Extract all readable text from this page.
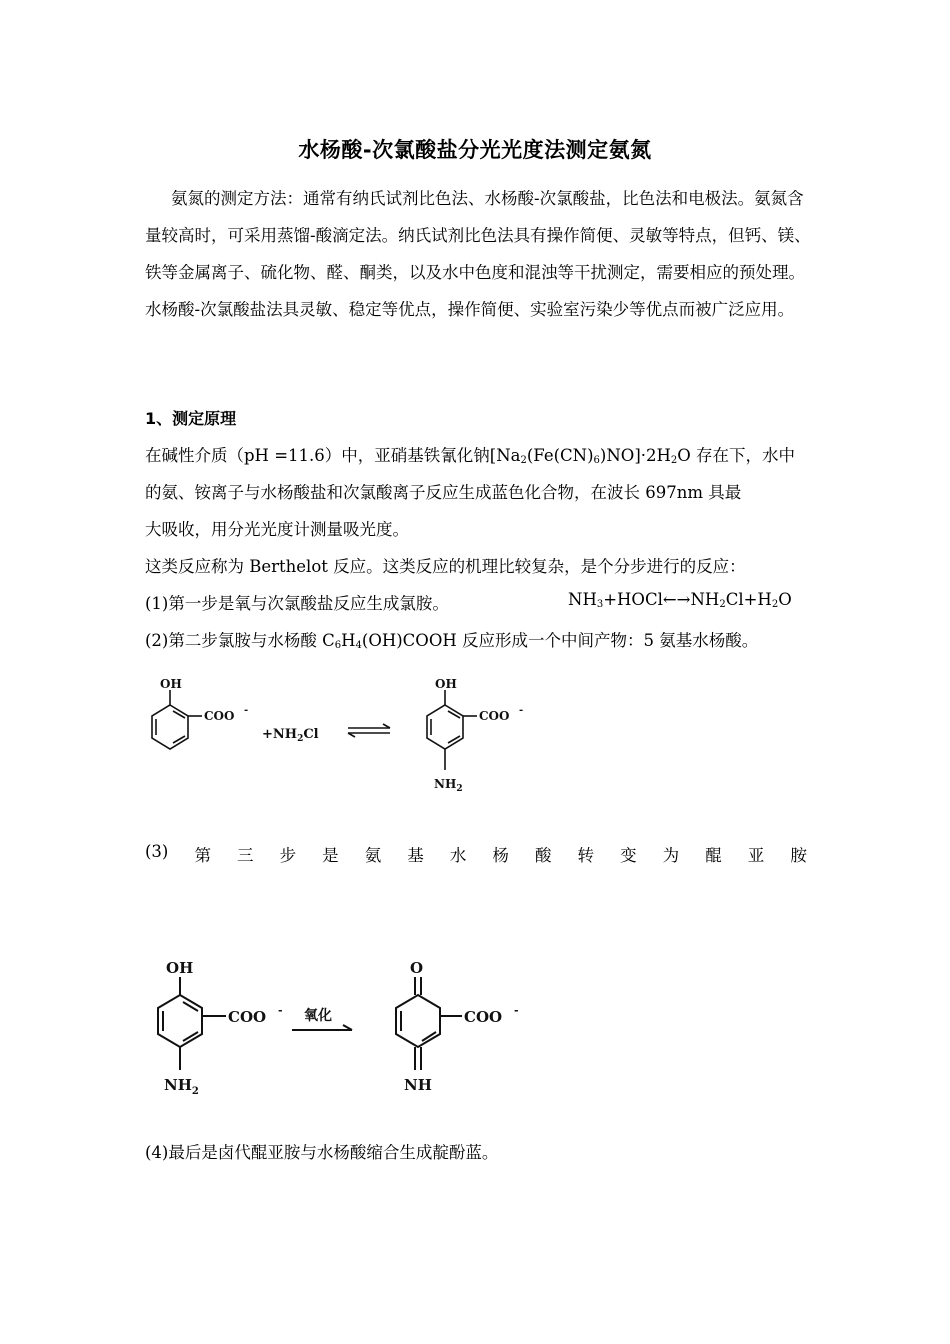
水杨酸-次氯酸盐分光光度法测定氨氮
氨氮的测定方法：通常有纳氏试剂比色法、水杨酸-次氯酸盐，比色法和电极法。氨氮含量较高时，可采用蒸馏-酸滴定法。纳氏试剂比色法具有操作简便、灵敏等特点，但钙、镁、铁等金属离子、硫化物、醛、酮类，以及水中色度和混浊等干扰测定，需要相应的预处理。水杨酸-次氯酸盐法具灵敏、稳定等优点，操作简便、实验室污染少等优点而被广泛应用。
1、测定原理
在碱性介质（pH =11.6）中，亚硝基铁氰化钠$[Na_2(Fe(CN)_6)NO]\cdot 2H_2O$ 存在下，水中
的氨、铵离子与水杨酸盐和次氯酸离子反应生成蓝色化合物，在波长 697nm 具最
大吸收，用分光光度计测量吸光度。
这类反应称为 Berthelot 反应。这类反应的机理比较复杂，是个分步进行的反应：
(1)第一步是氧与次氯酸盐反应生成氯胺。	$NH_3+HOCl\leftarrow\to NH_2Cl+H_2O$
(2)第二步氯胺与水杨酸 $C_6H_4(OH)COOH$ 反应形成一个中间产物：5 氨基水杨酸。
OH
COO -
$+NH_2Cl$
OH
COO -
$NH_2$
(3) 第 三 步 是 氨 基 水 杨 酸 转 变 为 醌 亚 胺
OH
COO -
$NH_2$
氧化
O
COO -
NH
(4)最后是卤代醌亚胺与水杨酸缩合生成靛酚蓝。
